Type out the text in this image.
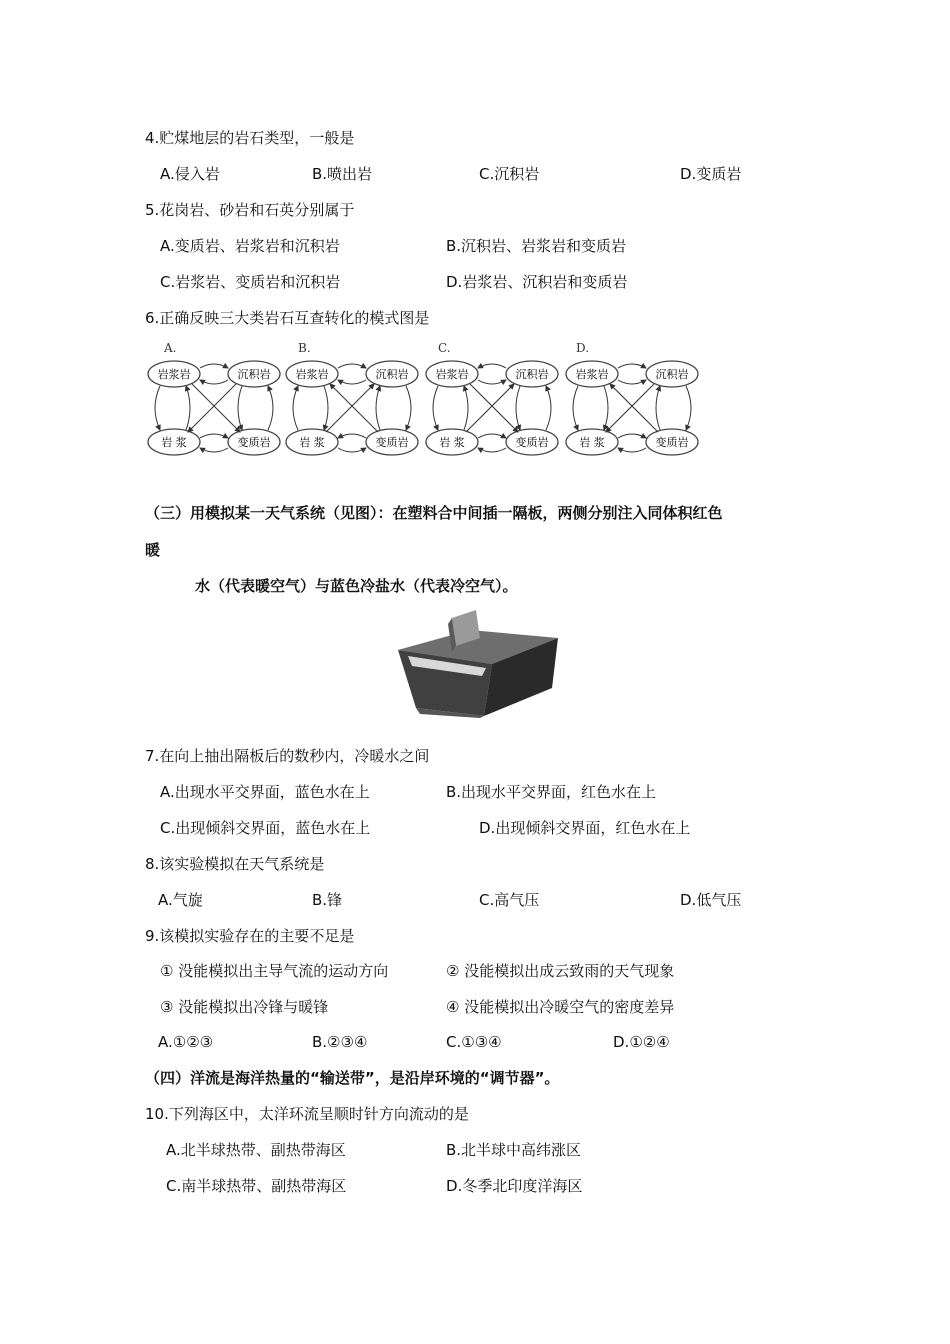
4.贮煤地层的岩石类型，一般是
A.侵入岩	B.喷出岩	C.沉积岩	D.变质岩
5.花岗岩、砂岩和石英分别属于
A.变质岩、岩浆岩和沉积岩	B.沉积岩、岩浆岩和变质岩
C.岩浆岩、变质岩和沉积岩	D.岩浆岩、沉积岩和变质岩
6.正确反映三大类岩石互查转化的模式图是
A.
岩浆岩	沉积岩
岩 浆	变质岩
B.
岩浆岩	沉积岩
岩 浆	变质岩
C.
岩浆岩	沉积岩
岩 浆	变质岩
D.
岩浆岩	沉积岩
岩 浆	变质岩
（三）用模拟某一天气系统（见图）：在塑料合中间插一隔板，两侧分别注入同体积红色
暖
水（代表暖空气）与蓝色冷盐水（代表冷空气）。
7.在向上抽出隔板后的数秒内，冷暖水之间
A.出现水平交界面，蓝色水在上	B.出现水平交界面，红色水在上
C.出现倾斜交界面，蓝色水在上	D.出现倾斜交界面，红色水在上
8.该实验模拟在天气系统是
A.气旋	B.锋	C.高气压	D.低气压
9.该模拟实验存在的主要不足是
① 没能模拟出主导气流的运动方向	② 没能模拟出成云致雨的天气现象
③ 没能模拟出冷锋与暖锋	④ 没能模拟出冷暖空气的密度差异
A.①②③	B.②③④	C.①③④	D.①②④
（四）洋流是海洋热量的“输送带”，是沿岸环境的“调节器”。
10.下列海区中，太洋环流呈顺时针方向流动的是
A.北半球热带、副热带海区	B.北半球中高纬涨区
C.南半球热带、副热带海区	D.冬季北印度洋海区
